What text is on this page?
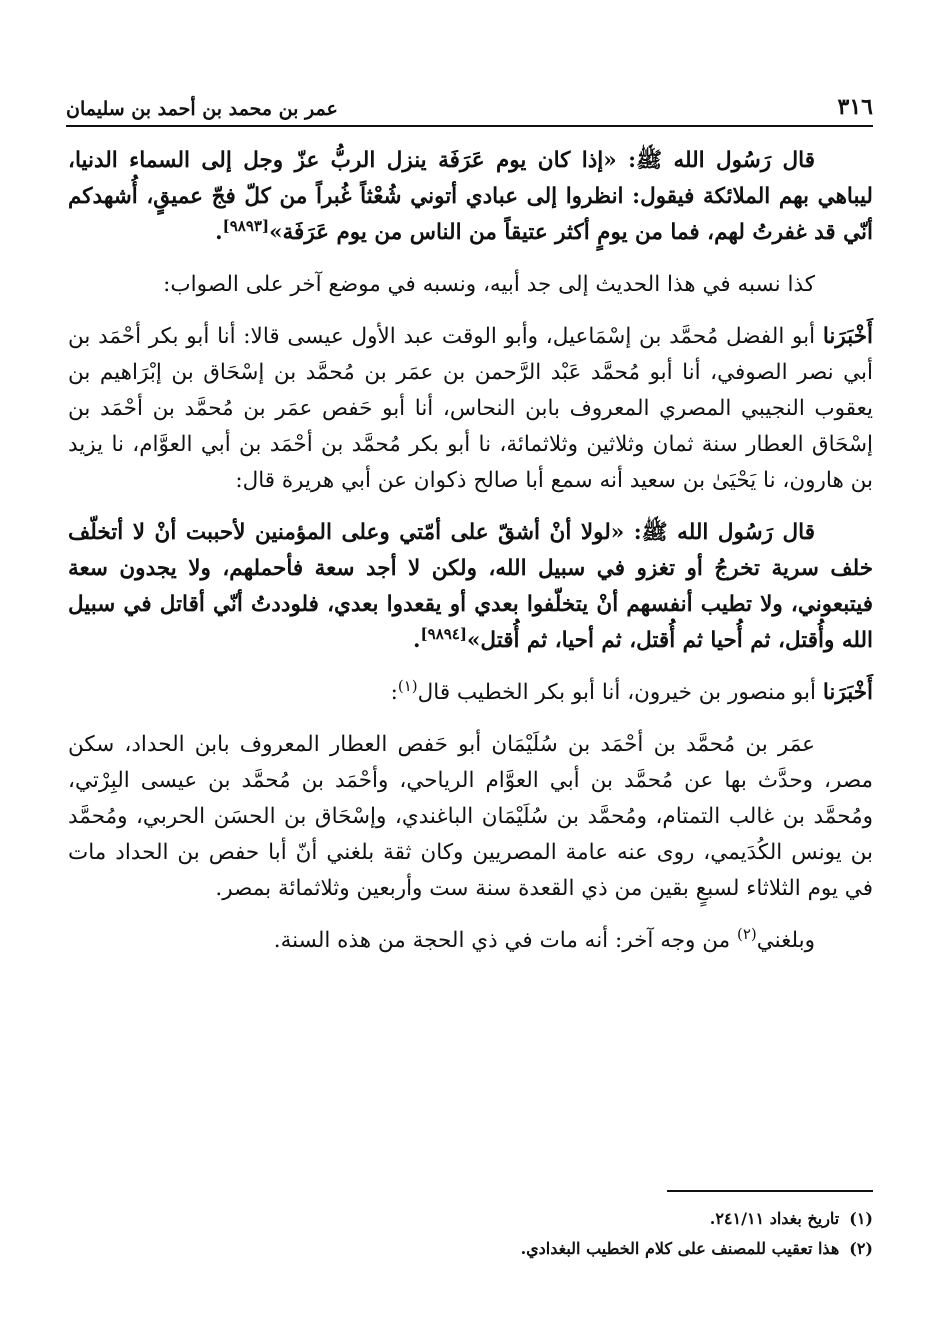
٣١٦
عمر بن محمد بن أحمد بن سليمان

قال رَسُول الله ﷺ: «إذا كان يوم عَرَفَة ينزل الربُّ عزّ وجل إلى السماء الدنيا، ليباهي بهم الملائكة فيقول: انظروا إلى عبادي أتوني شُعْثاً غُبراً من كلّ فجّ عميقٍ، أُشهدكم أنّي قد غفرتُ لهم، فما من يومٍ أكثر عتيقاً من الناس من يوم عَرَفَة»[٩٨٩٣].

كذا نسبه في هذا الحديث إلى جد أبيه، ونسبه في موضع آخر على الصواب:

أَخْبَرَنا أبو الفضل مُحمَّد بن إسْمَاعيل، وأبو الوقت عبد الأول عيسى قالا: أنا أبو بكر أحْمَد بن أبي نصر الصوفي، أنا أبو مُحمَّد عَبْد الرَّحمن بن عمَر بن مُحمَّد بن إسْحَاق بن إبْرَاهيم بن يعقوب النجيبي المصري المعروف بابن النحاس، أنا أبو حَفص عمَر بن مُحمَّد بن أحْمَد بن إسْحَاق العطار سنة ثمان وثلاثين وثلاثمائة، نا أبو بكر مُحمَّد بن أحْمَد بن أبي العوَّام، نا يزيد بن هارون، نا يَحْيَىٰ بن سعيد أنه سمع أبا صالح ذكوان عن أبي هريرة قال:

قال رَسُول الله ﷺ: «لولا أنْ أشقّ على أمّتي وعلى المؤمنين لأحببت أنْ لا أتخلّف خلف سرية تخرجُ أو تغزو في سبيل الله، ولكن لا أجد سعة فأحملهم، ولا يجدون سعة فيتبعوني، ولا تطيب أنفسهم أنْ يتخلّفوا بعدي أو يقعدوا بعدي، فلوددتُ أنّي أقاتل في سبيل الله وأُقتل، ثم أُحيا ثم أُقتل، ثم أحيا، ثم أُقتل»[٩٨٩٤].

أَخْبَرَنا أبو منصور بن خيرون، أنا أبو بكر الخطيب قال$^{(١)}$:

عمَر بن مُحمَّد بن أحْمَد بن سُلَيْمَان أبو حَفص العطار المعروف بابن الحداد، سكن مصر، وحدَّث بها عن مُحمَّد بن أبي العوَّام الرياحي، وأحْمَد بن مُحمَّد بن عيسى البِرْتي، ومُحمَّد بن غالب التمتام، ومُحمَّد بن سُلَيْمَان الباغندي، وإسْحَاق بن الحسَن الحربي، ومُحمَّد بن يونس الكُدَيمي، روى عنه عامة المصريين وكان ثقة بلغني أنّ أبا حفص بن الحداد مات في يوم الثلاثاء لسبعٍ بقين من ذي القعدة سنة ست وأربعين وثلاثمائة بمصر.

وبلغني$^{(٢)}$ من وجه آخر: أنه مات في ذي الحجة من هذه السنة.

(١)تاريخ بغداد ٢٤١/١١.

(٢)هذا تعقيب للمصنف على كلام الخطيب البغدادي.
